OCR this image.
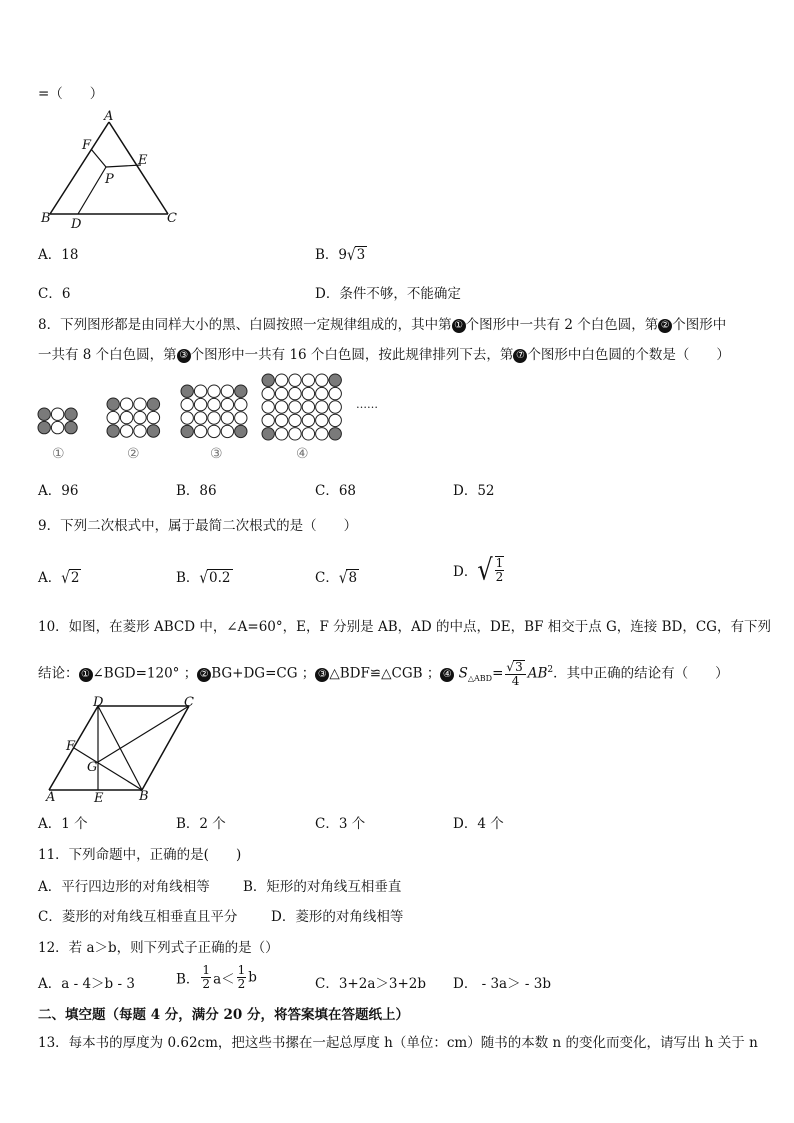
=（　　）
A
F
E
P
B D	C
A．18	B．9√3
C．6	D．条件不够，不能确定
8．下列图形都是由同样大小的黑、白圆按照一定规律组成的，其中第 ① 个图形中一共有 2 个白色圆，第 ② 个图形中
一共有 8 个白色圆，第 ③ 个图形中一共有 16 个白色圆，按此规律排列下去，第 ⑦ 个图形中白色圆的个数是（　　）
①	②	③	④
……
A．96	B．86	C．68	D．52
9．下列二次根式中，属于最简二次根式的是（　　）
A．√2	B．√0.2	C．√8	D．√ $\frac{1}{2}$
10．如图，在菱形 ABCD 中，∠A=60°，E，F 分别是 AB，AD 的中点，DE，BF 相交于点 G，连接 BD，CG，有下列
结论： ① ∠BGD=120° ； ② BG+DG=CG ； ③ △BDF≌△CGB ； ④ $S_{\triangle ABD}= \frac{√3}{4} AB^2$．其中正确的结论有（　　）
D	C
F
G
A	E	B
A．1 个	B．2 个	C．3 个	D．4 个
11．下列命题中，正确的是(　　)
A．平行四边形的对角线相等 B．矩形的对角线互相垂直
C．菱形的对角线互相垂直且平分 D．菱形的对角线相等
12．若 a＞b，则下列式子正确的是（）
A．a - 4＞b - 3	B． $\frac{1}{2} a< \frac{1}{2}$ b	C．3+2a＞3+2b D． - 3a＞ - 3b
二、填空题（每题 4 分，满分 20 分，将答案填在答题纸上）
13．每本书的厚度为 0.62cm，把这些书摞在一起总厚度 h（单位：cm）随书的本数 n 的变化而变化，请写出 h 关于 n
